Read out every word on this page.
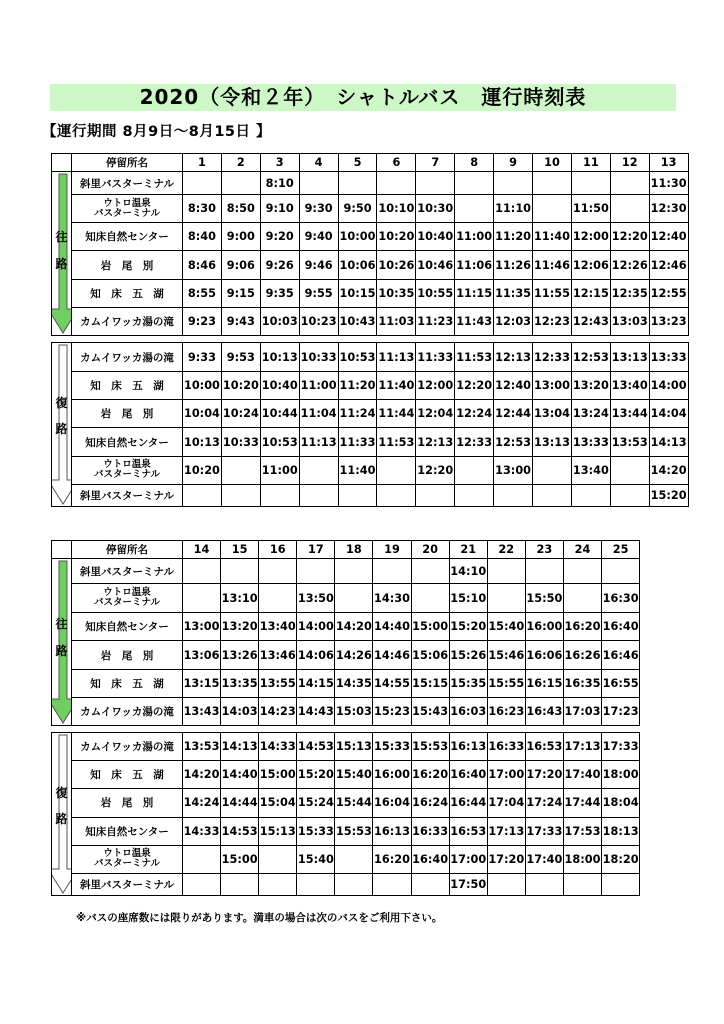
2020（令和２年）　シャトルバス　運行時刻表
【運行期間 8月9日～8月15日 】
	停留所名	1	2	3	4	5	6	7	8	9	10	11	12	13

往
路	斜里バスターミナル			8:10										11:30
	ウトロ温泉
バスターミナル	8:30	8:50	9:10	9:30	9:50	10:10	10:30		11:10		11:50		12:30
	知床自然センター	8:40	9:00	9:20	9:40	10:00	10:20	10:40	11:00	11:20	11:40	12:00	12:20	12:40
	岩　尾　別	8:46	9:06	9:26	9:46	10:06	10:26	10:46	11:06	11:26	11:46	12:06	12:26	12:46
	知　床　五　湖	8:55	9:15	9:35	9:55	10:15	10:35	10:55	11:15	11:35	11:55	12:15	12:35	12:55
	カムイワッカ湯の滝	9:23	9:43	10:03	10:23	10:43	11:03	11:23	11:43	12:03	12:23	12:43	13:03	13:23

復
路	カムイワッカ湯の滝	9:33	9:53	10:13	10:33	10:53	11:13	11:33	11:53	12:13	12:33	12:53	13:13	13:33
	知　床　五　湖	10:00	10:20	10:40	11:00	11:20	11:40	12:00	12:20	12:40	13:00	13:20	13:40	14:00
	岩　尾　別	10:04	10:24	10:44	11:04	11:24	11:44	12:04	12:24	12:44	13:04	13:24	13:44	14:04
	知床自然センター	10:13	10:33	10:53	11:13	11:33	11:53	12:13	12:33	12:53	13:13	13:33	13:53	14:13
	ウトロ温泉
バスターミナル	10:20		11:00		11:40		12:20		13:00		13:40		14:20
	斜里バスターミナル													15:20
	停留所名	14	15	16	17	18	19	20	21	22	23	24	25

往
路	斜里バスターミナル								14:10				
	ウトロ温泉
バスターミナル		13:10		13:50		14:30		15:10		15:50		16:30
	知床自然センター	13:00	13:20	13:40	14:00	14:20	14:40	15:00	15:20	15:40	16:00	16:20	16:40
	岩　尾　別	13:06	13:26	13:46	14:06	14:26	14:46	15:06	15:26	15:46	16:06	16:26	16:46
	知　床　五　湖	13:15	13:35	13:55	14:15	14:35	14:55	15:15	15:35	15:55	16:15	16:35	16:55
	カムイワッカ湯の滝	13:43	14:03	14:23	14:43	15:03	15:23	15:43	16:03	16:23	16:43	17:03	17:23

復
路	カムイワッカ湯の滝	13:53	14:13	14:33	14:53	15:13	15:33	15:53	16:13	16:33	16:53	17:13	17:33
	知　床　五　湖	14:20	14:40	15:00	15:20	15:40	16:00	16:20	16:40	17:00	17:20	17:40	18:00
	岩　尾　別	14:24	14:44	15:04	15:24	15:44	16:04	16:24	16:44	17:04	17:24	17:44	18:04
	知床自然センター	14:33	14:53	15:13	15:33	15:53	16:13	16:33	16:53	17:13	17:33	17:53	18:13
	ウトロ温泉
バスターミナル		15:00		15:40		16:20	16:40	17:00	17:20	17:40	18:00	18:20
	斜里バスターミナル								17:50				
※バスの座席数には限りがあります。満車の場合は次のバスをご利用下さい。
